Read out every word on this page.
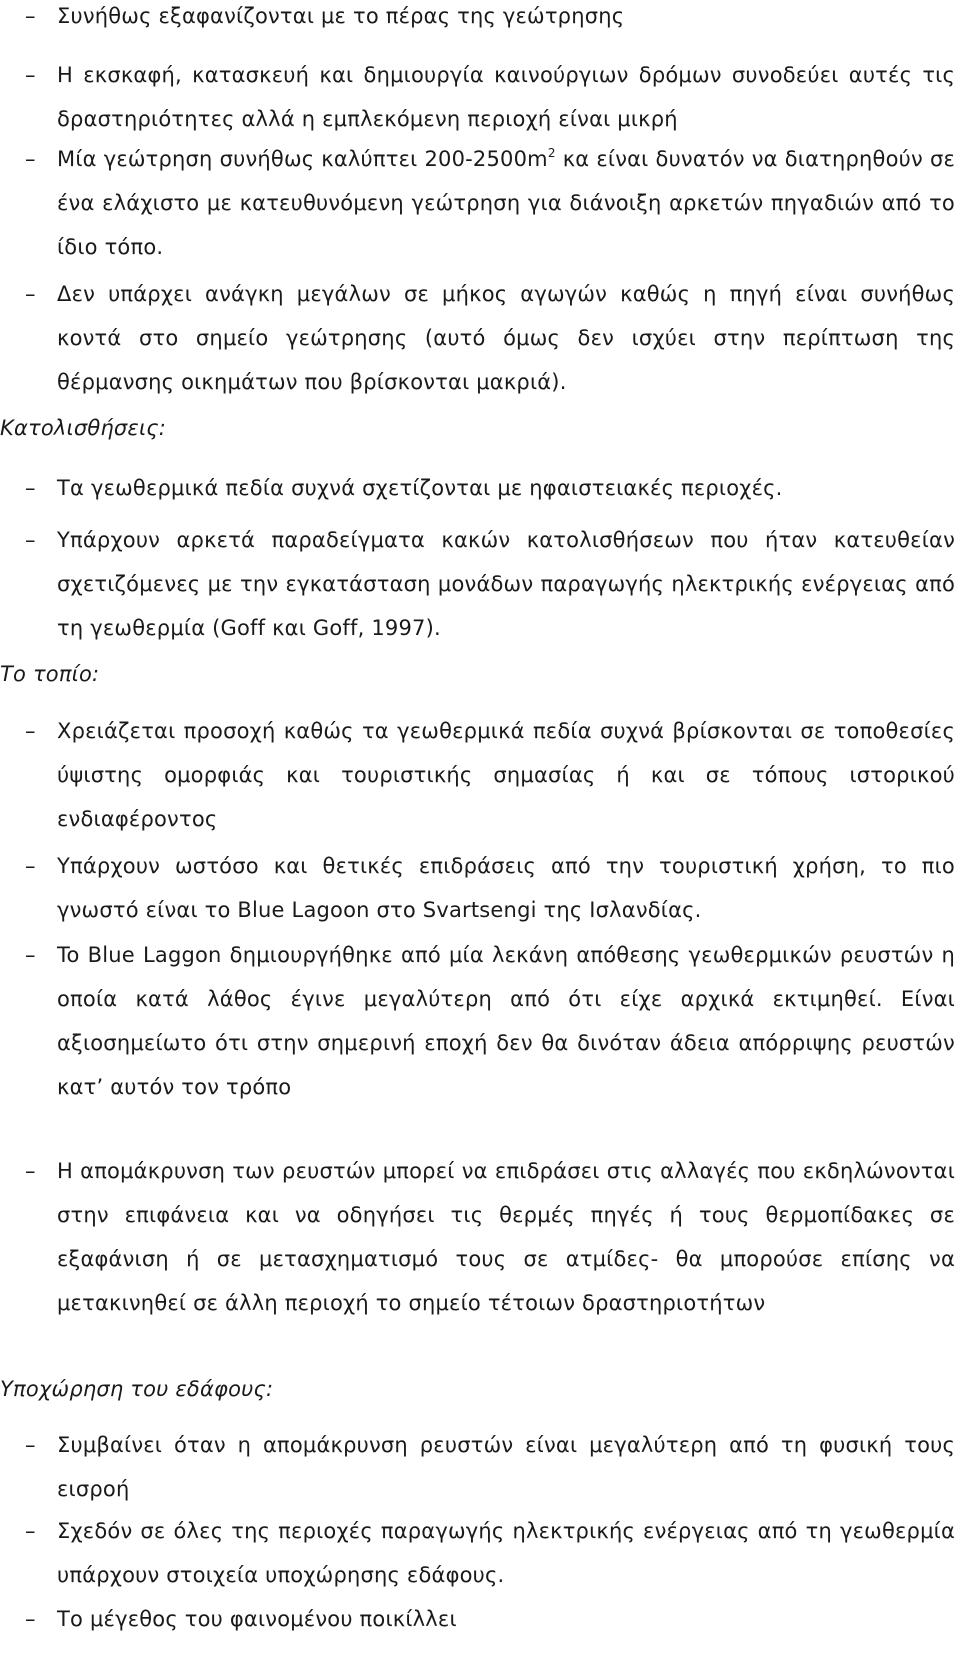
–	Συνήθως εξαφανίζονται με το πέρας της γεώτρησης
–	Η εκσκαφή, κατασκευή και δημιουργία καινούργιων δρόμων συνοδεύει αυτές τις δραστηριότητες αλλά η εμπλεκόμενη περιοχή είναι μικρή
–	Μία γεώτρηση συνήθως καλύπτει $200-2500m^2$ κα είναι δυνατόν να διατηρηθούν σε ένα ελάχιστο με κατευθυνόμενη γεώτρηση για διάνοιξη αρκετών πηγαδιών από το ίδιο τόπο.
–	Δεν υπάρχει ανάγκη μεγάλων σε μήκος αγωγών καθώς η πηγή είναι συνήθως κοντά στο σημείο γεώτρησης (αυτό όμως δεν ισχύει στην περίπτωση της θέρμανσης οικημάτων που βρίσκονται μακριά).
Κατολισθήσεις:
–	Τα γεωθερμικά πεδία συχνά σχετίζονται με ηφαιστειακές περιοχές.
–	Υπάρχουν αρκετά παραδείγματα κακών κατολισθήσεων που ήταν κατευθείαν σχετιζόμενες με την εγκατάσταση μονάδων παραγωγής ηλεκτρικής ενέργειας από τη γεωθερμία (Goff και Goff, 1997).
Το τοπίο:
–	Χρειάζεται προσοχή καθώς τα γεωθερμικά πεδία συχνά βρίσκονται σε τοποθεσίες ύψιστης ομορφιάς και τουριστικής σημασίας ή και σε τόπους ιστορικού ενδιαφέροντος
–	Υπάρχουν ωστόσο και θετικές επιδράσεις από την τουριστική χρήση, το πιο γνωστό είναι το Blue Lagoon στο Svartsengi της Ισλανδίας.
–	To Blue Laggon δημιουργήθηκε από μία λεκάνη απόθεσης γεωθερμικών ρευστών η οποία κατά λάθος έγινε μεγαλύτερη από ότι είχε αρχικά εκτιμηθεί. Είναι αξιοσημείωτο ότι στην σημερινή εποχή δεν θα δινόταν άδεια απόρριψης ρευστών κατ’ αυτόν τον τρόπο
–	Η απομάκρυνση των ρευστών μπορεί να επιδράσει στις αλλαγές που εκδηλώνονται στην επιφάνεια και να οδηγήσει τις θερμές πηγές ή τους θερμοπίδακες σε εξαφάνιση ή σε μετασχηματισμό τους σε ατμίδες- θα μπορούσε επίσης να μετακινηθεί σε άλλη περιοχή το σημείο τέτοιων δραστηριοτήτων
Υποχώρηση του εδάφους:
–	Συμβαίνει όταν η απομάκρυνση ρευστών είναι μεγαλύτερη από τη φυσική τους εισροή
–	Σχεδόν σε όλες της περιοχές παραγωγής ηλεκτρικής ενέργειας από τη γεωθερμία υπάρχουν στοιχεία υποχώρησης εδάφους.
–	Το μέγεθος του φαινομένου ποικίλλει
